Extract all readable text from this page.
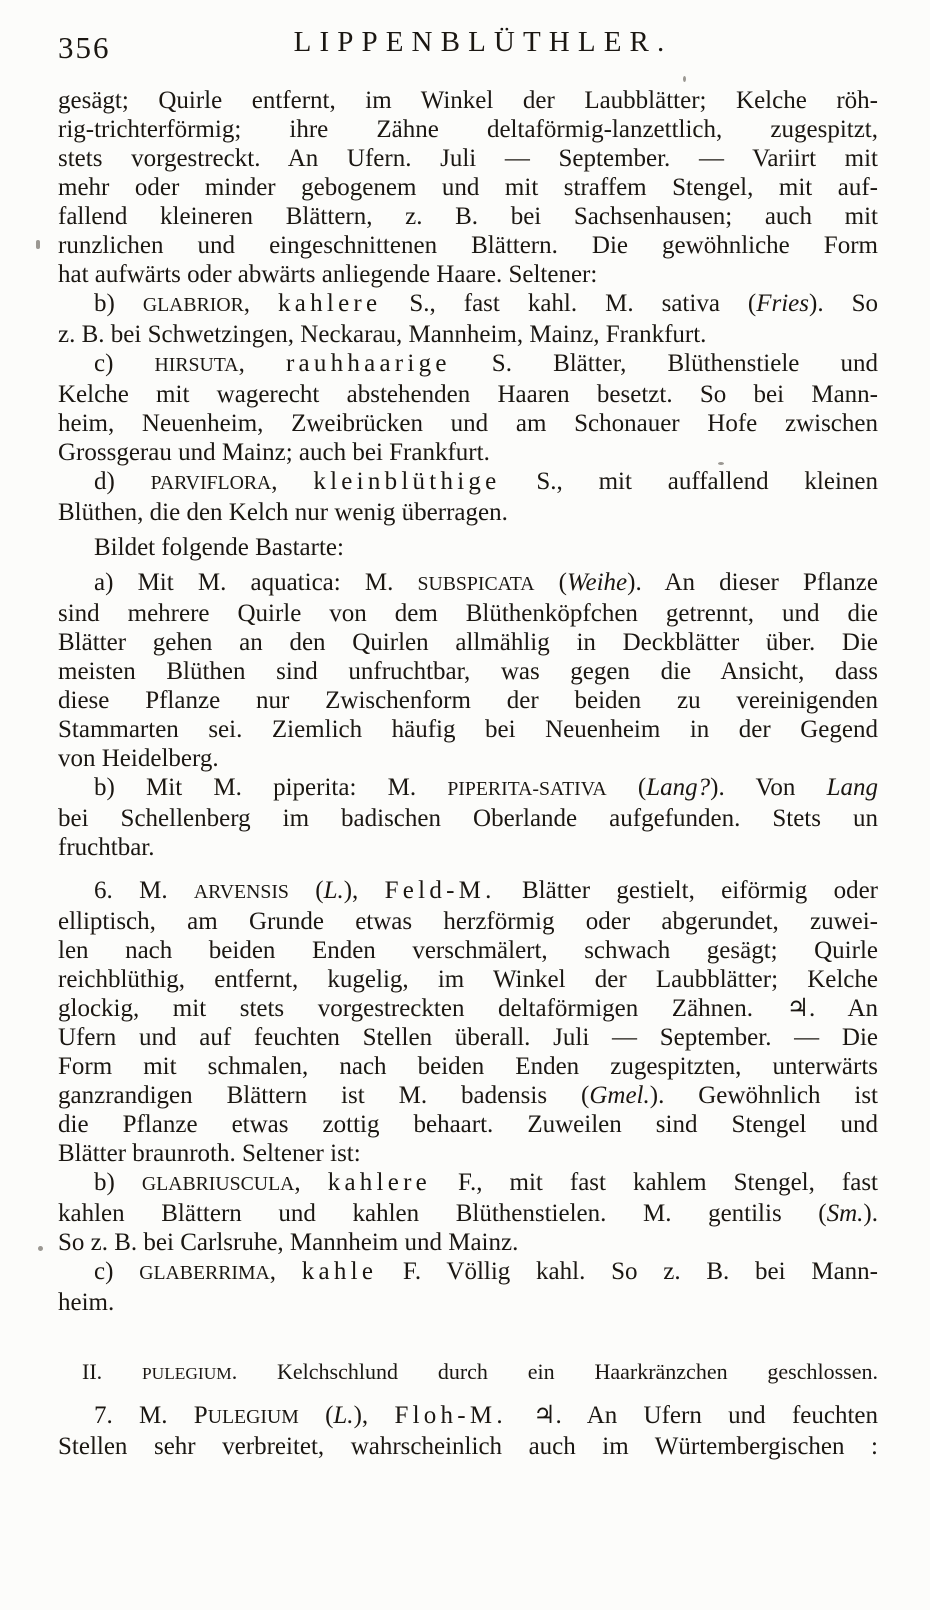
356	LIPPENBLÜTHLER.
gesägt; Quirle entfernt, im Winkel der Laubblätter; Kelche röh-
rig-trichterförmig; ihre Zähne deltaförmig-lanzettlich, zugespitzt,
stets vorgestreckt. An Ufern. Juli — September. — Variirt mit
mehr oder minder gebogenem und mit straffem Stengel, mit auf-
fallend kleineren Blättern, z. B. bei Sachsenhausen; auch mit
runzlichen und eingeschnittenen Blättern. Die gewöhnliche Form
hat aufwärts oder abwärts anliegende Haare. Seltener:
b) GLABRIOR, kahlere S., fast kahl. M. sativa (Fries). So
z. B. bei Schwetzingen, Neckarau, Mannheim, Mainz, Frankfurt.
c) HIRSUTA, rauhhaarige S. Blätter, Blüthenstiele und
Kelche mit wagerecht abstehenden Haaren besetzt. So bei Mann-
heim, Neuenheim, Zweibrücken und am Schonauer Hofe zwischen
Grossgerau und Mainz; auch bei Frankfurt.
d) PARVIFLORA, kleinblüthige S., mit auffallend kleinen
Blüthen, die den Kelch nur wenig überragen.
Bildet folgende Bastarte:
a) Mit M. aquatica: M. SUBSPICATA (Weihe). An dieser Pflanze
sind mehrere Quirle von dem Blüthenköpfchen getrennt, und die
Blätter gehen an den Quirlen allmählig in Deckblätter über. Die
meisten Blüthen sind unfruchtbar, was gegen die Ansicht, dass
diese Pflanze nur Zwischenform der beiden zu vereinigenden
Stammarten sei. Ziemlich häufig bei Neuenheim in der Gegend
von Heidelberg.
b) Mit M. piperita: M. PIPERITA-SATIVA (Lang?). Von Lang
bei Schellenberg im badischen Oberlande aufgefunden. Stets un
fruchtbar.
6. M. ARVENSIS (L.), Feld-M. Blätter gestielt, eiförmig oder
elliptisch, am Grunde etwas herzförmig oder abgerundet, zuwei-
len nach beiden Enden verschmälert, schwach gesägt; Quirle
reichblüthig, entfernt, kugelig, im Winkel der Laubblätter; Kelche
glockig, mit stets vorgestreckten deltaförmigen Zähnen. ♃. An
Ufern und auf feuchten Stellen überall. Juli — September. — Die
Form mit schmalen, nach beiden Enden zugespitzten, unterwärts
ganzrandigen Blättern ist M. badensis (Gmel.). Gewöhnlich ist
die Pflanze etwas zottig behaart. Zuweilen sind Stengel und
Blätter braunroth. Seltener ist:
b) GLABRIUSCULA, kahlere F., mit fast kahlem Stengel, fast
kahlen Blättern und kahlen Blüthenstielen. M. gentilis (Sm.).
So z. B. bei Carlsruhe, Mannheim und Mainz.
c) GLABERRIMA, kahle F. Völlig kahl. So z. B. bei Mann-
heim.
II. PULEGIUM. Kelchschlund durch ein Haarkränzchen geschlossen.
7. M. PULEGIUM (L.), Floh-M. ♃. An Ufern und feuchten
Stellen sehr verbreitet, wahrscheinlich auch im Würtembergischen :
